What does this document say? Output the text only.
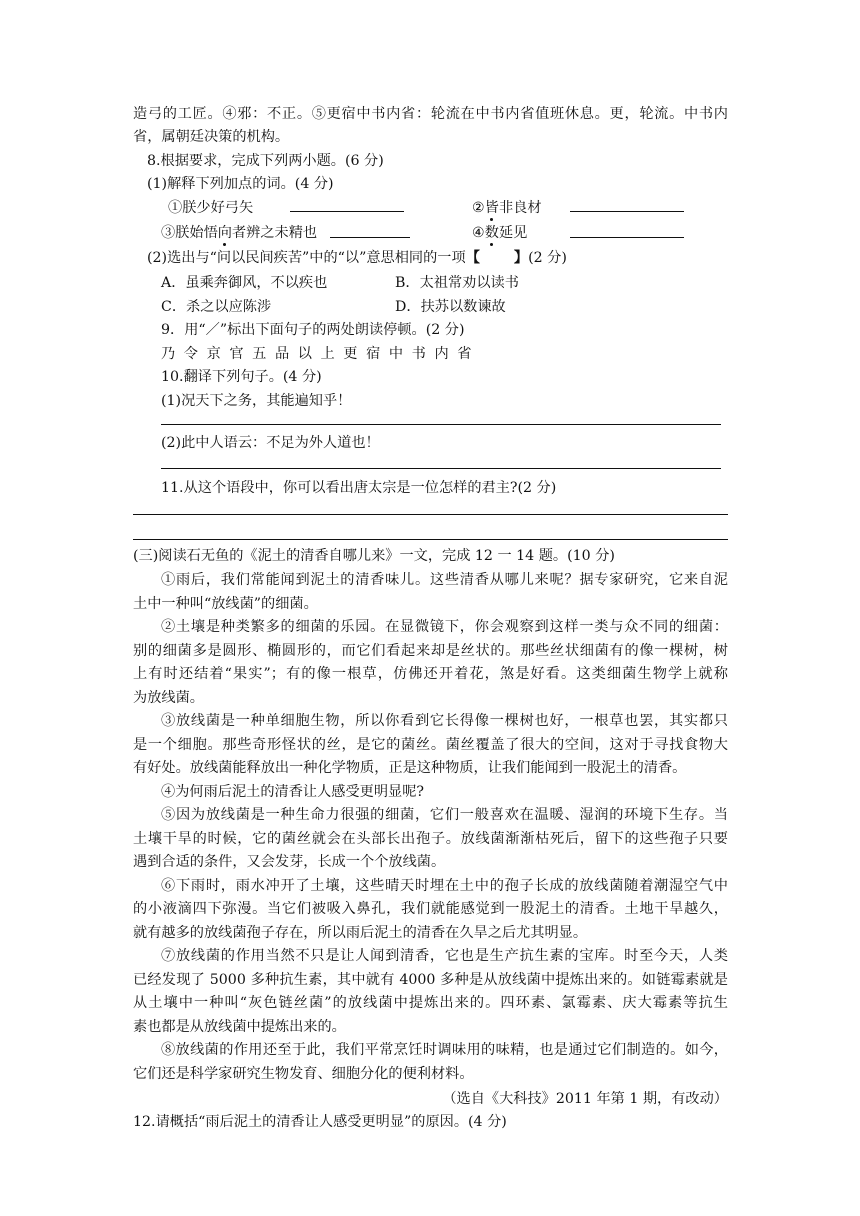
造弓的工匠。④邪：不正。⑤更宿中书内省：轮流在中书内省值班休息。更，轮流。中书内
省，属朝廷决策的机构。
8.根据要求，完成下列两小题。(6 分)
(1)解释下列加点的词。(4 分)
①朕少好弓矢	②皆非良材
③朕始悟向者辨之未精也	④数延见
(2)选出与“问以民间疾苦”中的“以”意思相同的一项【 】(2 分)
A．虽乘奔御风，不以疾也	B．太祖常劝以读书
C．杀之以应陈涉	D．扶苏以数谏故
9．用“／”标出下面句子的两处朗读停顿。(2 分)
乃令京官五品以上更宿中书内省
10.翻译下列句子。(4 分)
(1)况天下之务，其能遍知乎！
(2)此中人语云：不足为外人道也！
11.从这个语段中，你可以看出唐太宗是一位怎样的君主?(2 分)
(三)阅读石无鱼的《泥土的清香自哪儿来》一文，完成 12 一 14 题。(10 分)
①雨后，我们常能闻到泥土的清香味儿。这些清香从哪儿来呢？据专家研究，它来自泥
土中一种叫“放线菌”的细菌。
②土壤是种类繁多的细菌的乐园。在显微镜下，你会观察到这样一类与众不同的细菌：
别的细菌多是圆形、椭圆形的，而它们看起来却是丝状的。那些丝状细菌有的像一棵树，树
上有时还结着“果实”；有的像一根草，仿佛还开着花，煞是好看。这类细菌生物学上就称
为放线菌。
③放线菌是一种单细胞生物，所以你看到它长得像一棵树也好，一根草也罢，其实都只
是一个细胞。那些奇形怪状的丝，是它的菌丝。菌丝覆盖了很大的空间，这对于寻找食物大
有好处。放线菌能释放出一种化学物质，正是这种物质，让我们能闻到一股泥土的清香。
④为何雨后泥土的清香让人感受更明显呢?
⑤因为放线菌是一种生命力很强的细菌，它们一般喜欢在温暖、湿润的环境下生存。当
土壤干旱的时候，它的菌丝就会在头部长出孢子。放线菌渐渐枯死后，留下的这些孢子只要
遇到合适的条件，又会发芽，长成一个个放线菌。
⑥下雨时，雨水冲开了土壤，这些晴天时埋在土中的孢子长成的放线菌随着潮湿空气中
的小液滴四下弥漫。当它们被吸入鼻孔，我们就能感觉到一股泥土的清香。土地干旱越久，
就有越多的放线菌孢子存在，所以雨后泥土的清香在久旱之后尤其明显。
⑦放线菌的作用当然不只是让人闻到清香，它也是生产抗生素的宝库。时至今天，人类
已经发现了 5000 多种抗生素，其中就有 4000 多种是从放线菌中提炼出来的。如链霉素就是
从土壤中一种叫“灰色链丝菌”的放线菌中提炼出来的。四环素、氯霉素、庆大霉素等抗生
素也都是从放线菌中提炼出来的。
⑧放线菌的作用还至于此，我们平常烹饪时调味用的味精，也是通过它们制造的。如今，
它们还是科学家研究生物发育、细胞分化的便利材料。
（选自《大科技》2011 年第 1 期，有改动）
12.请概括“雨后泥土的清香让人感受更明显”的原因。(4 分)
